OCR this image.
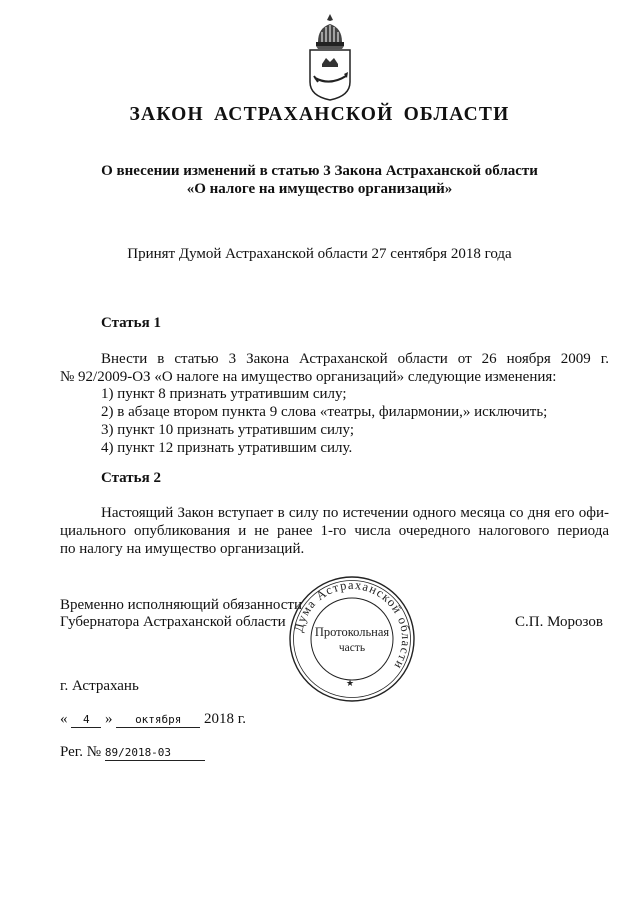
ЗАКОН АСТРАХАНСКОЙ ОБЛАСТИ
О внесении изменений в статью 3 Закона Астраханской области
«О налоге на имущество организаций»
Принят Думой Астраханской области 27 сентября 2018 года
Статья 1
Внести в статью 3 Закона Астраханской области от 26 ноября 2009 г.
№ 92/2009-ОЗ «О налоге на имущество организаций» следующие изменения:
1) пункт 8 признать утратившим силу;
2) в абзаце втором пункта 9 слова «театры, филармонии,» исключить;
3) пункт 10 признать утратившим силу;
4) пункт 12 признать утратившим силу.
Статья 2
Настоящий Закон вступает в силу по истечении одного месяца со дня его офи-
циального опубликования и не ранее 1-го числа очередного налогового периода
по налогу на имущество организаций.
Временно исполняющий обязанности
Губернатора Астраханской области	С.П. Морозов
Дума Астраханской области
Протокольная
часть
★
г. Астрахань
« 4 » октября 2018 г.
Рег. № 89/2018-03
